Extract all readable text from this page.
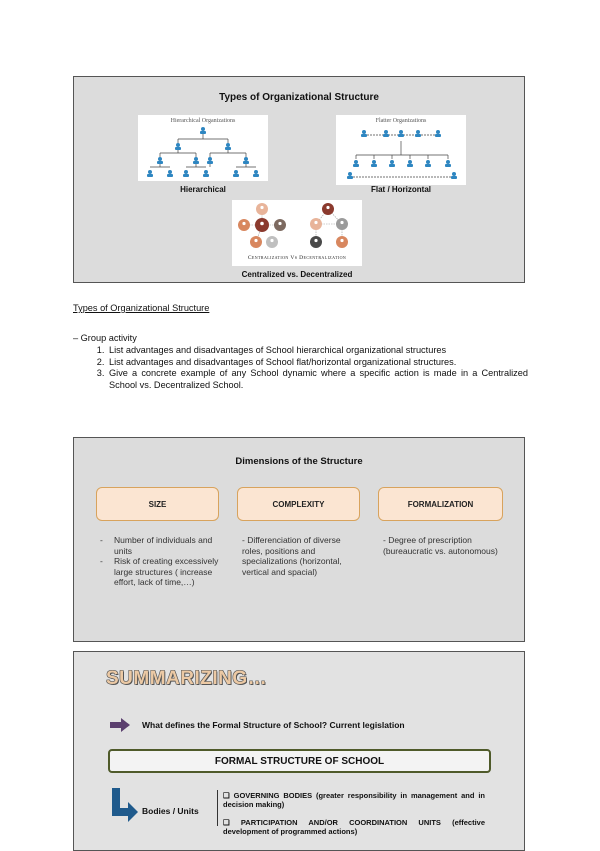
Types of Organizational Structure
Hierarchical Organizations
Hierarchical
Flatter Organizations
Flat / Horizontal
Centralization Vs Decentralization
Centralized vs. Decentralized
Types of Organizational Structure
– Group activity
1. List advantages and disadvantages of School hierarchical organizational structures
2. List advantages and disadvantages of School flat/horizontal organizational structures.
3. Give a concrete example of any School dynamic where a specific action is made in a Centralized School vs. Decentralized School.
Dimensions of the Structure
SIZE	COMPLEXITY	FORMALIZATION
- Number of individuals and units
- Risk of creating excessively large structures ( increase effort, lack of time,…)
- Differenciation of diverse roles, positions and specializations (horizontal, vertical and spacial)
- Degree of prescription (bureaucratic vs. autonomous)
SUMMARIZING…
What defines the Formal Structure of School? Current legislation
FORMAL STRUCTURE OF SCHOOL
Bodies / Units
❑ GOVERNING BODIES (greater responsibility in management and in decision making)
❑ PARTICIPATION AND/OR COORDINATION UNITS (effective development of programmed actions)
